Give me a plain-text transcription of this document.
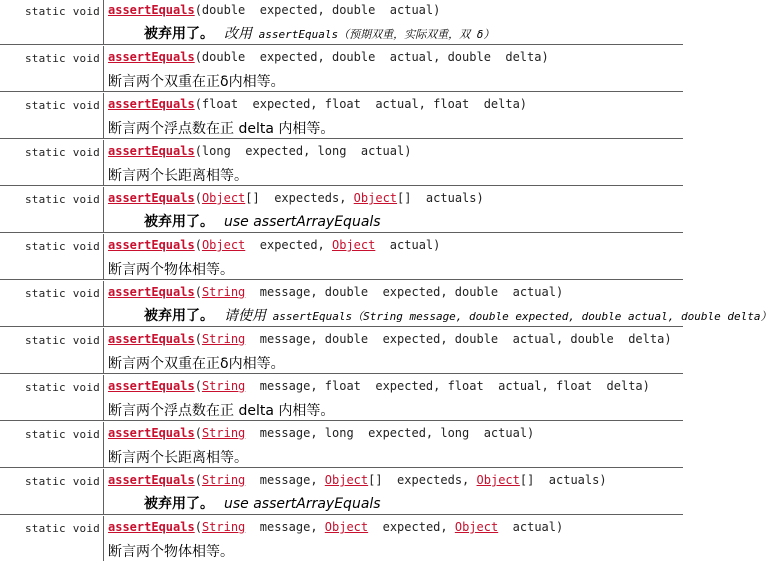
static void assertEquals(double  expected, double  actual)
被弃用了。 改用 assertEquals（预期双重，实际双重，双 δ）
static void assertEquals(double  expected, double  actual, double  delta)
断言两个双重在正δ内相等。
static void assertEquals(float  expected, float  actual, float  delta)
断言两个浮点数在正 delta 内相等。
static void assertEquals(long  expected, long  actual)
断言两个长距离相等。
static void assertEquals(Object[]  expecteds, Object[]  actuals)
被弃用了。 use assertArrayEquals
static void assertEquals(Object  expected, Object  actual)
断言两个物体相等。
static void assertEquals(String  message, double  expected, double  actual)
被弃用了。 请使用 assertEquals（String message, double expected, double actual, double delta）
static void assertEquals(String  message, double  expected, double  actual, double  delta)
断言两个双重在正δ内相等。
static void assertEquals(String  message, float  expected, float  actual, float  delta)
断言两个浮点数在正 delta 内相等。
static void assertEquals(String  message, long  expected, long  actual)
断言两个长距离相等。
static void assertEquals(String  message, Object[]  expecteds, Object[]  actuals)
被弃用了。 use assertArrayEquals
static void assertEquals(String  message, Object  expected, Object  actual)
断言两个物体相等。
